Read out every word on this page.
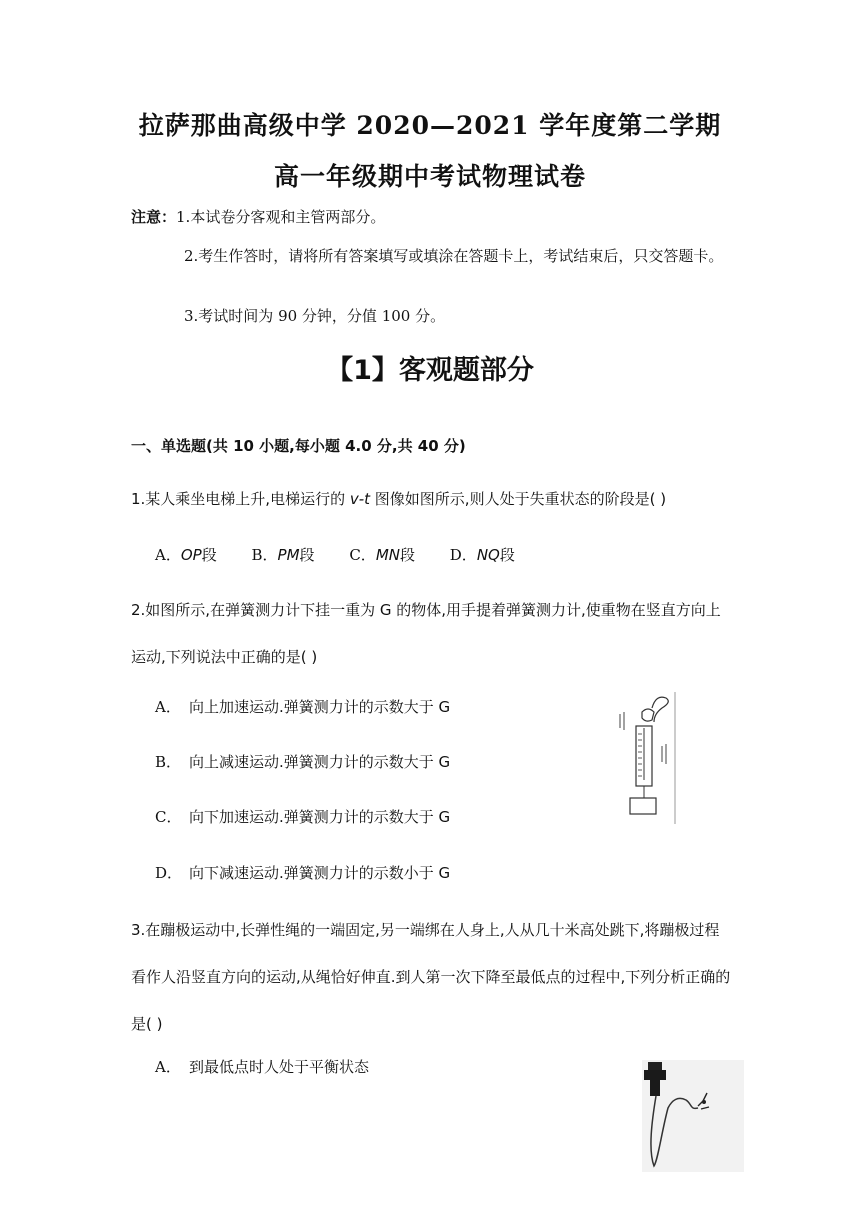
拉萨那曲高级中学 2020—2021 学年度第二学期
高一年级期中考试物理试卷
注意：1.本试卷分客观和主管两部分。
2.考生作答时，请将所有答案填写或填涂在答题卡上，考试结束后，只交答题卡。
3.考试时间为 90 分钟，分值 100 分。
【1】客观题部分
一、单选题(共 10 小题,每小题 4.0 分,共 40 分)
1.某人乘坐电梯上升,电梯运行的 v-t 图像如图所示,则人处于失重状态的阶段是( )
A．OP段 B．PM段 C．MN段 D．NQ段
2.如图所示,在弹簧测力计下挂一重为 G 的物体,用手提着弹簧测力计,使重物在竖直方向上运动,下列说法中正确的是( )
A． 向上加速运动.弹簧测力计的示数大于 G
B． 向上减速运动.弹簧测力计的示数大于 G
C． 向下加速运动.弹簧测力计的示数大于 G
D． 向下减速运动.弹簧测力计的示数小于 G
3.在蹦极运动中,长弹性绳的一端固定,另一端绑在人身上,人从几十米高处跳下,将蹦极过程看作人沿竖直方向的运动,从绳恰好伸直.到人第一次下降至最低点的过程中,下列分析正确的是( )
A． 到最低点时人处于平衡状态
